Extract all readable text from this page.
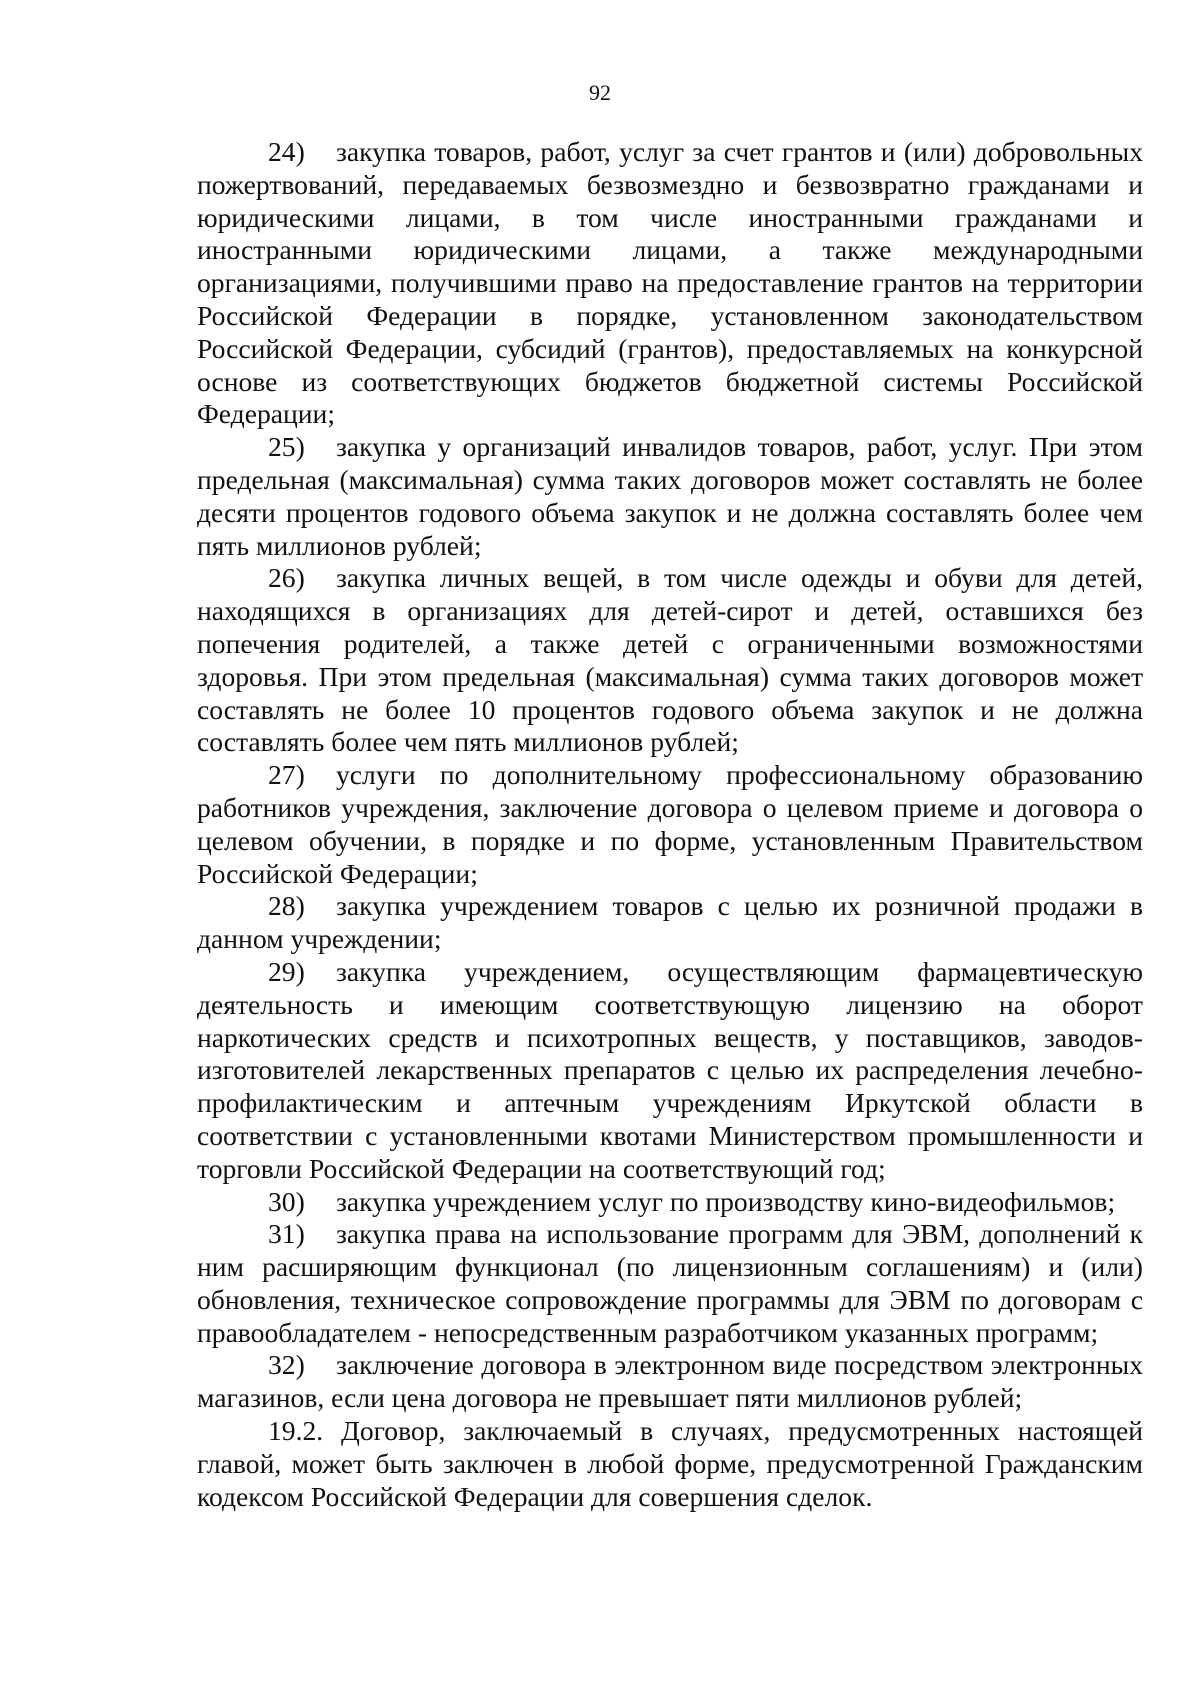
92

24) закупка товаров, работ, услуг за счет грантов и (или) добровольных пожертвований, передаваемых безвозмездно и безвозвратно гражданами и юридическими лицами, в том числе иностранными гражданами и иностранными юридическими лицами, а также международными организациями, получившими право на предоставление грантов на территории Российской Федерации в порядке, установленном законодательством Российской Федерации, субсидий (грантов), предоставляемых на конкурсной основе из соответствующих бюджетов бюджетной системы Российской Федерации;

25) закупка у организаций инвалидов товаров, работ, услуг. При этом предельная (максимальная) сумма таких договоров может составлять не более десяти процентов годового объема закупок и не должна составлять более чем пять миллионов рублей;

26) закупка личных вещей, в том числе одежды и обуви для детей, находящихся в организациях для детей-сирот и детей, оставшихся без попечения родителей, а также детей с ограниченными возможностями здоровья. При этом предельная (максимальная) сумма таких договоров может составлять не более 10 процентов годового объема закупок и не должна составлять более чем пять миллионов рублей;

27) услуги по дополнительному профессиональному образованию работников учреждения, заключение договора о целевом приеме и договора о целевом обучении, в порядке и по форме, установленным Правительством Российской Федерации;

28) закупка учреждением товаров с целью их розничной продажи в данном учреждении;

29) закупка учреждением, осуществляющим фармацевтическую деятельность и имеющим соответствующую лицензию на оборот наркотических средств и психотропных веществ, у поставщиков, заводов-изготовителей лекарственных препаратов с целью их распределения лечебно-профилактическим и аптечным учреждениям Иркутской области в соответствии с установленными квотами Министерством промышленности и торговли Российской Федерации на соответствующий год;

30) закупка учреждением услуг по производству кино-видеофильмов;

31) закупка права на использование программ для ЭВМ, дополнений к ним расширяющим функционал (по лицензионным соглашениям) и (или) обновления, техническое сопровождение программы для ЭВМ по договорам с правообладателем - непосредственным разработчиком указанных программ;

32) заключение договора в электронном виде посредством электронных магазинов, если цена договора не превышает пяти миллионов рублей;

19.2. Договор, заключаемый в случаях, предусмотренных настоящей главой, может быть заключен в любой форме, предусмотренной Гражданским кодексом Российской Федерации для совершения сделок.
